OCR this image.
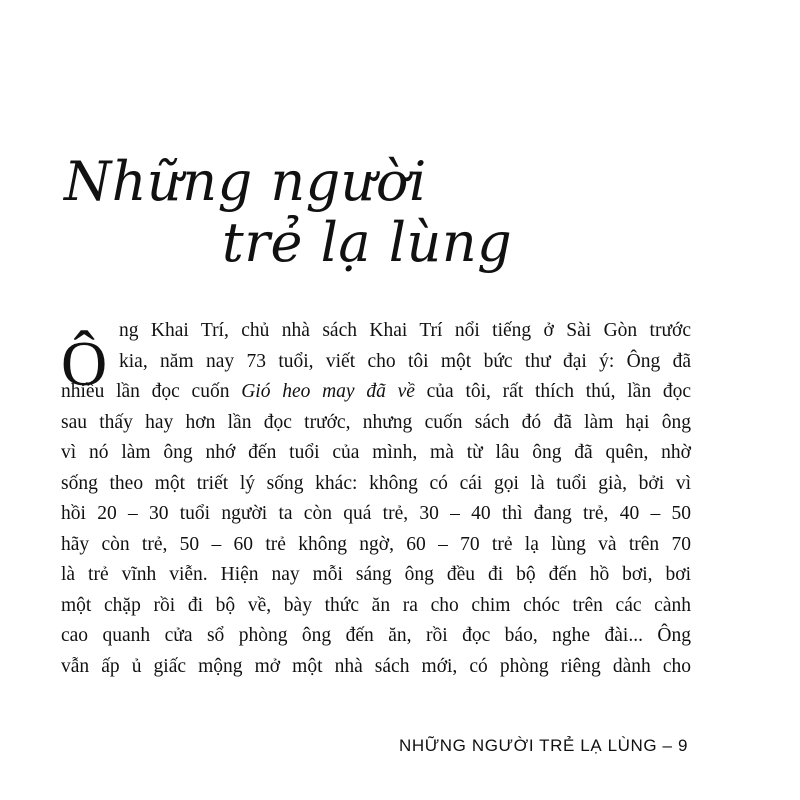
Những người
trẻ lạ lùng
Ô ng Khai Trí, chủ nhà sách Khai Trí nổi tiếng ở Sài Gòn trước
kia, năm nay 73 tuổi, viết cho tôi một bức thư đại ý: Ông đã
nhiều lần đọc cuốn Gió heo may đã về của tôi, rất thích thú, lần đọc
sau thấy hay hơn lần đọc trước, nhưng cuốn sách đó đã làm hại ông
vì nó làm ông nhớ đến tuổi của mình, mà từ lâu ông đã quên, nhờ
sống theo một triết lý sống khác: không có cái gọi là tuổi già, bởi vì
hồi 20 – 30 tuổi người ta còn quá trẻ, 30 – 40 thì đang trẻ, 40 – 50
hãy còn trẻ, 50 – 60 trẻ không ngờ, 60 – 70 trẻ lạ lùng và trên 70
là trẻ vĩnh viễn. Hiện nay mỗi sáng ông đều đi bộ đến hồ bơi, bơi
một chặp rồi đi bộ về, bày thức ăn ra cho chim chóc trên các cành
cao quanh cửa sổ phòng ông đến ăn, rồi đọc báo, nghe đài... Ông
vẫn ấp ủ giấc mộng mở một nhà sách mới, có phòng riêng dành cho
NHỮNG NGƯỜI TRẺ LẠ LÙNG – 9
